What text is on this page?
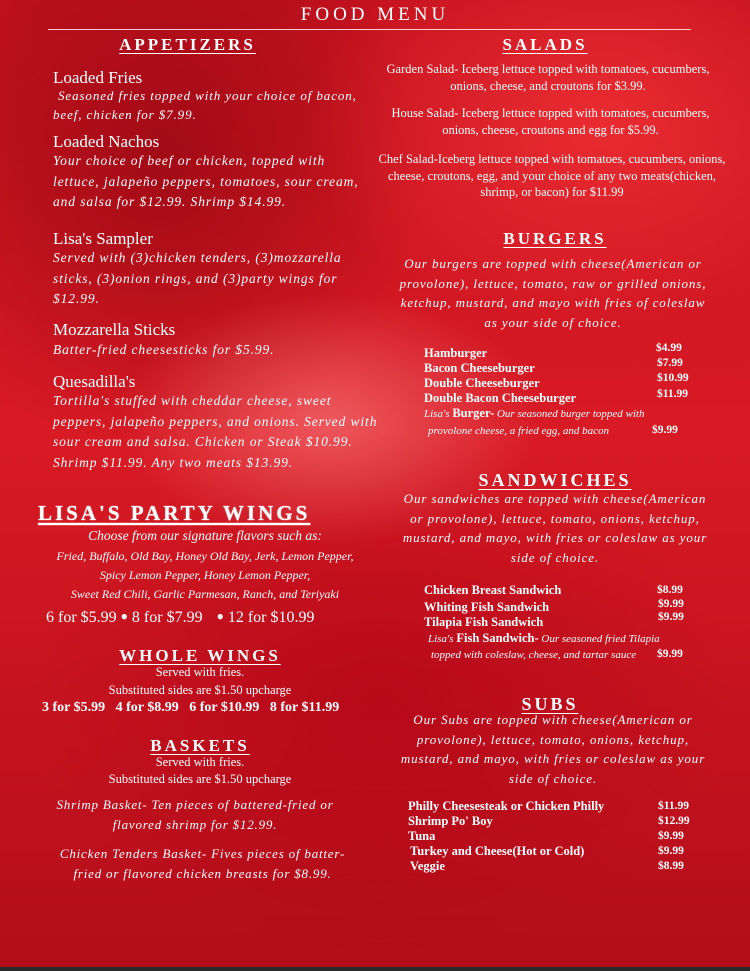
FOOD MENU
APPETIZERS
Loaded Fries
Seasoned fries topped with your choice of bacon, beef, chicken for $7.99.
Loaded Nachos
Your choice of beef or chicken, topped with lettuce, jalapeño peppers, tomatoes, sour cream, and salsa for $12.99. Shrimp $14.99.
Lisa's Sampler
Served with (3)chicken tenders, (3)mozzarella sticks, (3)onion rings, and (3)party wings for $12.99.
Mozzarella Sticks
Batter-fried cheesesticks for $5.99.
Quesadilla's
Tortilla's stuffed with cheddar cheese, sweet peppers, jalapeño peppers, and onions. Served with sour cream and salsa. Chicken or Steak $10.99. Shrimp $11.99. Any two meats $13.99.
LISA'S PARTY WINGS
Choose from our signature flavors such as:
Fried, Buffalo, Old Bay, Honey Old Bay, Jerk, Lemon Pepper,
Spicy Lemon Pepper, Honey Lemon Pepper,
Sweet Red Chili, Garlic Parmesan, Ranch, and Teriyaki
6 for $5.99 ● 8 for $7.99 ● 12 for $10.99
WHOLE WINGS
Served with fries.
Substituted sides are $1.50 upcharge
3 for $5.99 4 for $8.99 6 for $10.99 8 for $11.99
BASKETS
Served with fries.
Substituted sides are $1.50 upcharge
Shrimp Basket- Ten pieces of battered-fried or flavored shrimp for $12.99.
Chicken Tenders Basket- Fives pieces of batter-fried or flavored chicken breasts for $8.99.
SALADS
Garden Salad- Iceberg lettuce topped with tomatoes, cucumbers, onions, cheese, and croutons for $3.99.
House Salad- Iceberg lettuce topped with tomatoes, cucumbers, onions, cheese, croutons and egg for $5.99.
Chef Salad-Iceberg lettuce topped with tomatoes, cucumbers, onions, cheese, croutons, egg, and your choice of any two meats(chicken, shrimp, or bacon) for $11.99
BURGERS
Our burgers are topped with cheese(American or provolone), lettuce, tomato, raw or grilled onions, ketchup, mustard, and mayo with fries of coleslaw as your side of choice.
Hamburger	$4.99
Bacon Cheeseburger	$7.99
Double Cheeseburger	$10.99
Double Bacon Cheeseburger	$11.99
Lisa's Burger- Our seasoned burger topped with
provolone cheese, a fried egg, and bacon	$9.99
SANDWICHES
Our sandwiches are topped with cheese(American or provolone), lettuce, tomato, onions, ketchup, mustard, and mayo, with fries or coleslaw as your side of choice.
Chicken Breast Sandwich	$8.99
Whiting Fish Sandwich	$9.99
Tilapia Fish Sandwich	$9.99
Lisa's Fish Sandwich- Our seasoned fried Tilapia
topped with coleslaw, cheese, and tartar sauce $9.99
SUBS
Our Subs are topped with cheese(American or provolone), lettuce, tomato, onions, ketchup, mustard, and mayo, with fries or coleslaw as your side of choice.
Philly Cheesesteak or Chicken Philly	$11.99
Shrimp Po' Boy	$12.99
Tuna	$9.99
Turkey and Cheese(Hot or Cold)	$9.99
Veggie	$8.99
